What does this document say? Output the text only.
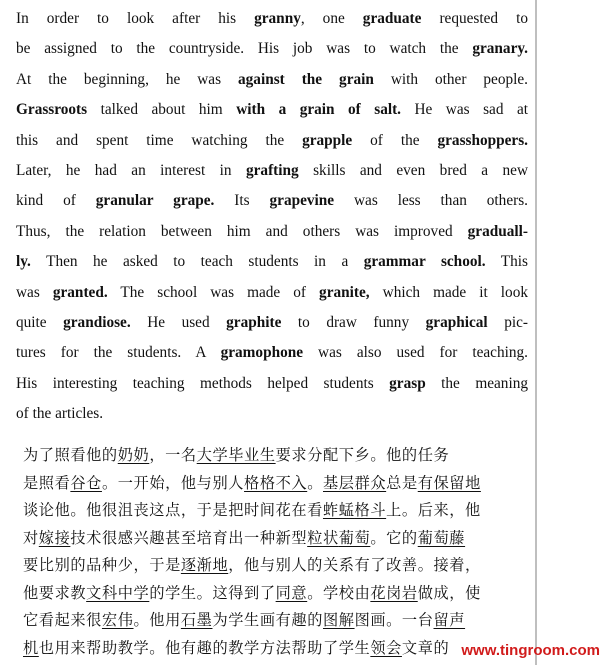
In order to look after his granny, one graduate requested to
be assigned to the countryside. His job was to watch the granary.
At the beginning, he was against the grain with other people.
Grassroots talked about him with a grain of salt. He was sad at
this and spent time watching the grapple of the grasshoppers.
Later, he had an interest in grafting skills and even bred a new
kind of granular grape. Its grapevine was less than others.
Thus, the relation between him and others was improved graduall-
ly. Then he asked to teach students in a grammar school. This
was granted. The school was made of granite, which made it look
quite grandiose. He used graphite to draw funny graphical pic-
tures for the students. A gramophone was also used for teaching.
His interesting teaching methods helped students grasp the meaning
of the articles.
为了照看他的奶奶，一名大学毕业生要求分配下乡。他的任务
是照看谷仓。一开始，他与别人格格不入。基层群众总是有保留地
谈论他。他很沮丧这点，于是把时间花在看蚱蜢格斗上。后来，他
对嫁接技术很感兴趣甚至培育出一种新型粒状葡萄。它的葡萄藤
要比别的品种少，于是逐渐地，他与别人的关系有了改善。接着，
他要求教文科中学的学生。这得到了同意。学校由花岗岩做成，使
它看起来很宏伟。他用石墨为学生画有趣的图解图画。一台留声
机也用来帮助教学。他有趣的教学方法帮助了学生领会文章的 www.tingroom.com
